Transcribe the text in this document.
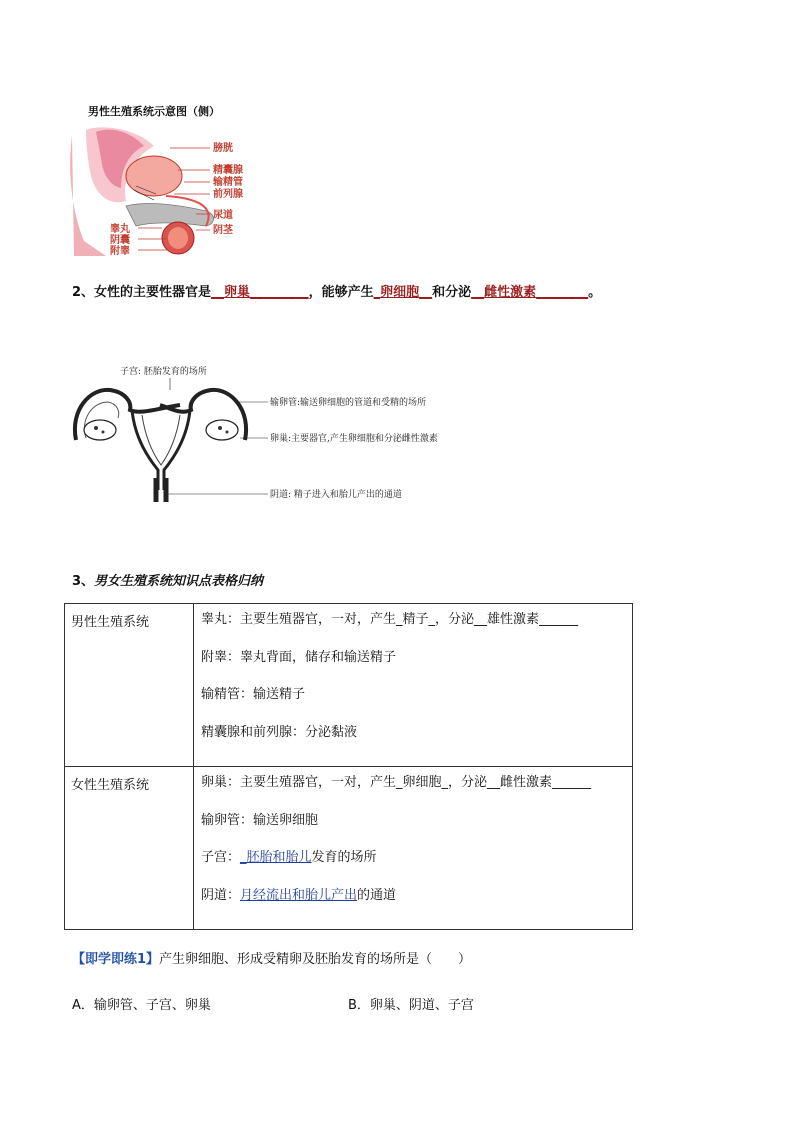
男性生殖系统示意图（侧）
膀胱
精囊腺
输精管
前列腺
尿道
阴茎
睾丸
阴囊
附睾
2、女性的主要性器官是__卵巢_________，能够产生_卵细胞__和分泌__雌性激素________。
子宫: 胚胎发育的场所
输卵管:输送卵细胞的管道和受精的场所
卵巢:主要器官,产生卵细胞和分泌雌性激素
阴道: 精子进入和胎儿产出的通道
3、男女生殖系统知识点表格归纳
男性生殖系统	睾丸：主要生殖器官，一对，产生_精子_，分泌__雄性激素______
附睾：睾丸背面，储存和输送精子
输精管：输送精子
精囊腺和前列腺：分泌黏液

女性生殖系统	卵巢：主要生殖器官，一对，产生_卵细胞_，分泌__雌性激素______
输卵管：输送卵细胞
子宫：_胚胎和胎儿发育的场所
阴道：月经流出和胎儿产出的通道
【即学即练1】产生卵细胞、形成受精卵及胚胎发育的场所是（　　）
A．输卵管、子宫、卵巢	B．卵巢、阴道、子宫
